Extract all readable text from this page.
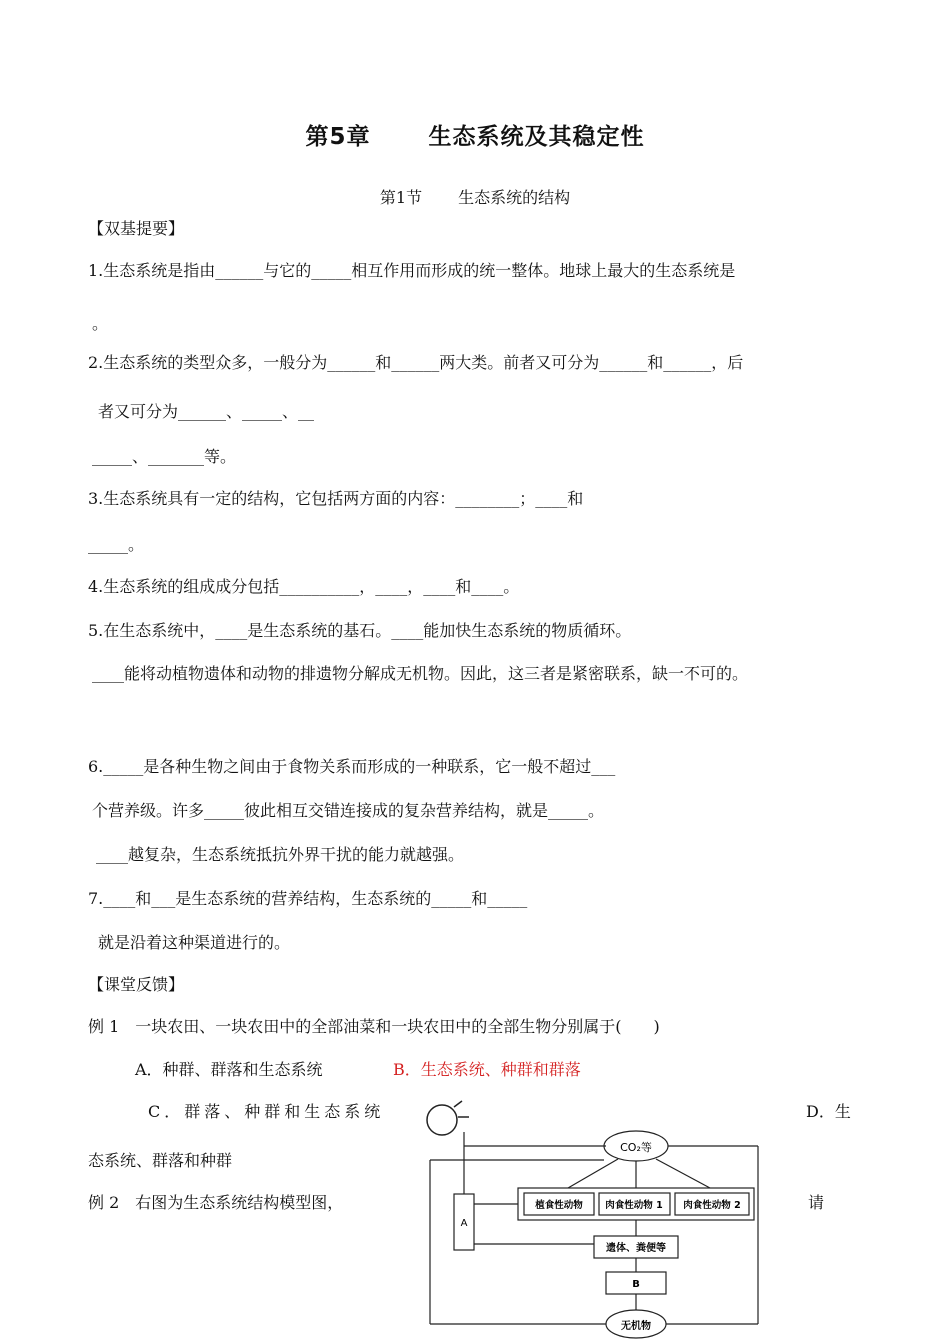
第5章	生态系统及其稳定性
第1节 生态系统的结构
【双基提要】
1.生态系统是指由______与它的_____相互作用而形成的统一整体。地球上最大的生态系统是
。
2.生态系统的类型众多，一般分为______和______两大类。前者又可分为______和______，后
者又可分为______、_____、__
_____、_______等。
3.生态系统具有一定的结构，它包括两方面的内容：________；____和
_____。
4.生态系统的组成成分包括__________，____，____和____。
5.在生态系统中，____是生态系统的基石。____能加快生态系统的物质循环。
____能将动植物遗体和动物的排遗物分解成无机物。因此，这三者是紧密联系，缺一不可的。
6._____是各种生物之间由于食物关系而形成的一种联系，它一般不超过___
个营养级。许多_____彼此相互交错连接成的复杂营养结构，就是_____。
____越复杂，生态系统抵抗外界干扰的能力就越强。
7.____和___是生态系统的营养结构，生态系统的_____和_____
就是沿着这种渠道进行的。
【课堂反馈】
例 1　一块农田、一块农田中的全部油菜和一块农田中的全部生物分别属于(　　)
A．种群、群落和生态系统	B．生态系统、种群和群落
C．群落、种群和生态系统	D．生
态系统、群落和种群
例 2　右图为生态系统结构模型图，	请
CO₂等
A
植食性动物 肉食性动物 1 肉食性动物 2
遗体、粪便等
B
无机物
